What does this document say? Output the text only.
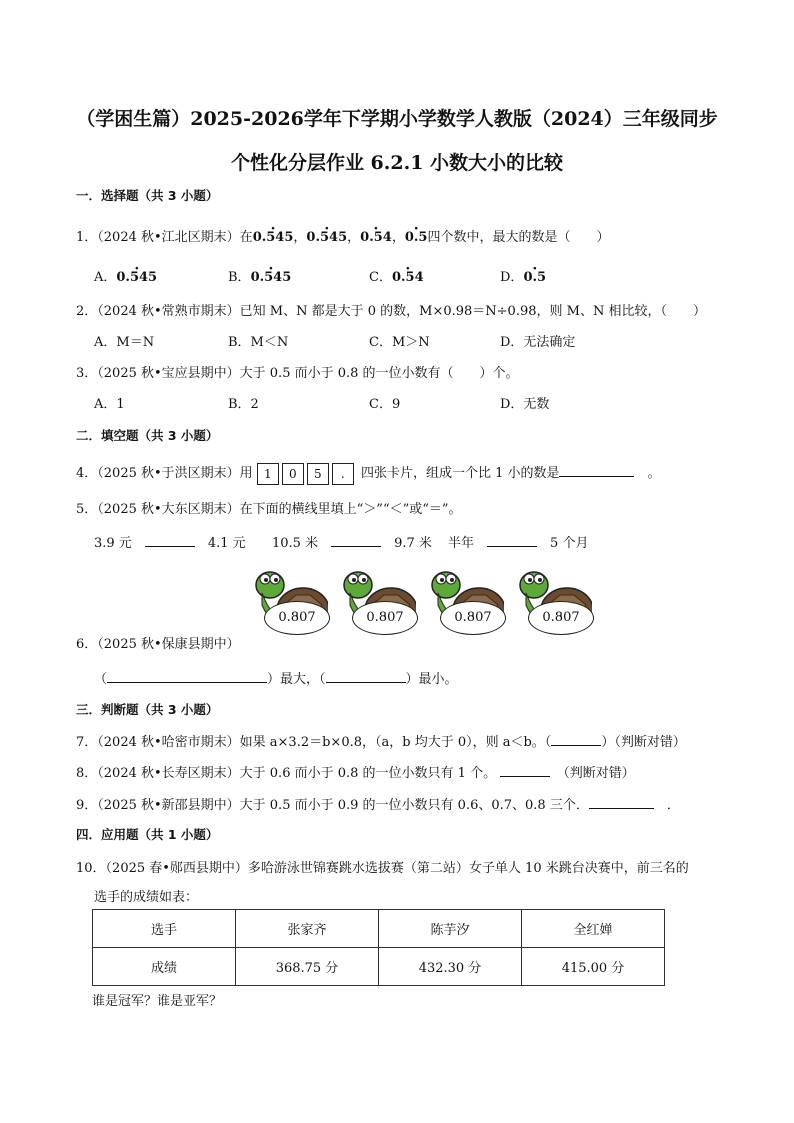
（学困生篇）2025-2026学年下学期小学数学人教版（2024）三年级同步
个性化分层作业 6.2.1 小数大小的比较
一．选择题（共 3 小题）
1．（2024 秋•江北区期末）在· 0.545，· 0.545，· 0.54，· 0.5四个数中，最大的数是（　　）
A．· 0.545	B．· 0.545	C．· 0.54	D．· 0.5
2．（2024 秋•常熟市期末）已知 M、N 都是大于 0 的数，M×0.98＝N÷0.98，则 M、N 相比较，（　　）
A．M＝N	B．M＜N	C．M＞N	D．无法确定
3．（2025 秋•宝应县期中）大于 0.5 而小于 0.8 的一位小数有（　　）个。
A．1	B．2	C．9	D．无数
二．填空题（共 3 小题）
4．（2025 秋•于洪区期末）用 1 0 5 . 四张卡片，组成一个比 1 小的数是　	。
5．（2025 秋•大东区期末）在下面的横线里填上“＞”“＜”或“＝”。
3.9 元　　	4.1 元 10.5 米　　	9.7 米 半年　　	5 个月
· 0.807	· 0.807	· 0.807	· 0.807
6．（2025 秋•保康县期中）
（	）最大，（	）最小。
三．判断题（共 3 小题）
7．（2024 秋•哈密市期末）如果 a×3.2＝b×0.8，（a，b 均大于 0），则 a＜b。（	）（判断对错）
8．（2024 秋•长寿区期末）大于 0.6 而小于 0.8 的一位小数只有 1 个。 　	（判断对错）
9．（2025 秋•新邵县期中）大于 0.5 而小于 0.9 的一位小数只有 0.6、0.7、0.8 三个．　	．
四．应用题（共 1 小题）
10．（2025 春•郧西县期中）多哈游泳世锦赛跳水选拔赛（第二站）女子单人 10 米跳台决赛中，前三名的
选手的成绩如表：
选手	张家齐	陈芋汐	全红婵
成绩	368.75 分	432.30 分	415.00 分
谁是冠军？谁是亚军？
